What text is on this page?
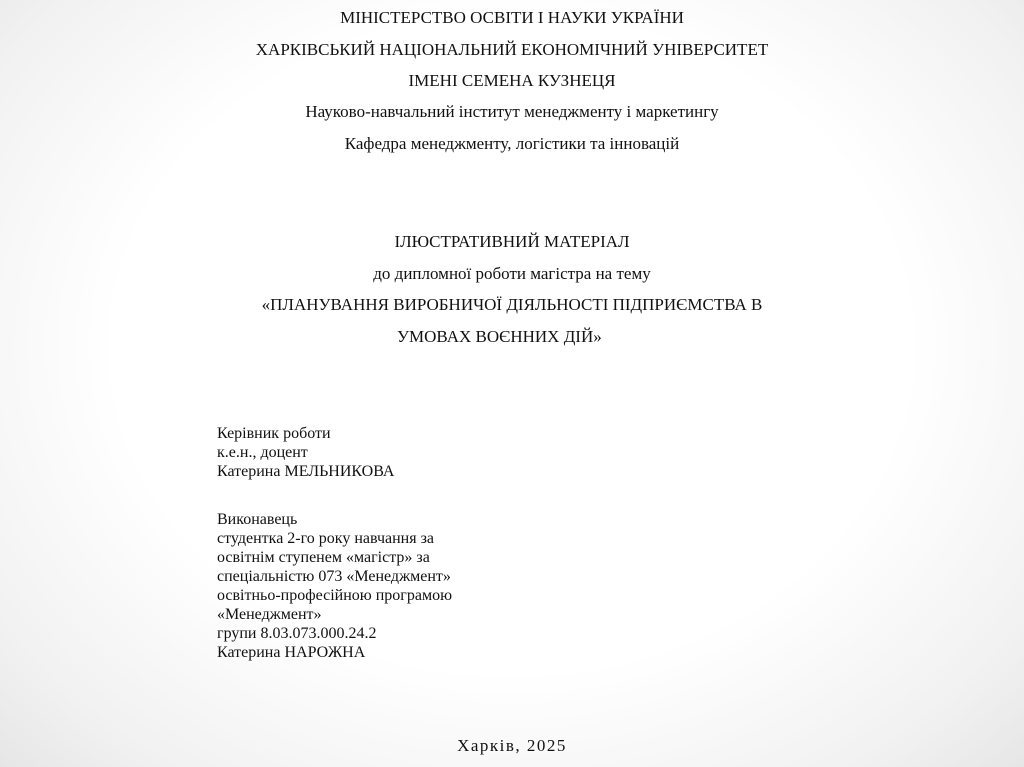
МІНІСТЕРСТВО ОСВІТИ І НАУКИ УКРАЇНИ
ХАРКІВСЬКИЙ НАЦІОНАЛЬНИЙ ЕКОНОМІЧНИЙ УНІВЕРСИТЕТ
ІМЕНІ СЕМЕНА КУЗНЕЦЯ
Науково-навчальний інститут менеджменту і маркетингу
Кафедра менеджменту, логістики та інновацій
ІЛЮСТРАТИВНИЙ МАТЕРІАЛ
до дипломної роботи магістра на тему
«ПЛАНУВАННЯ ВИРОБНИЧОЇ ДІЯЛЬНОСТІ ПІДПРИЄМСТВА В
УМОВАХ ВОЄННИХ ДІЙ»
Керівник роботи
к.е.н., доцент
Катерина МЕЛЬНИКОВА
Виконавець
студентка 2-го року навчання за
освітнім ступенем «магістр» за
спеціальністю 073 «Менеджмент»
освітньо-професійною програмою
«Менеджмент»
групи 8.03.073.000.24.2
Катерина НАРОЖНА
Харків, 2025
